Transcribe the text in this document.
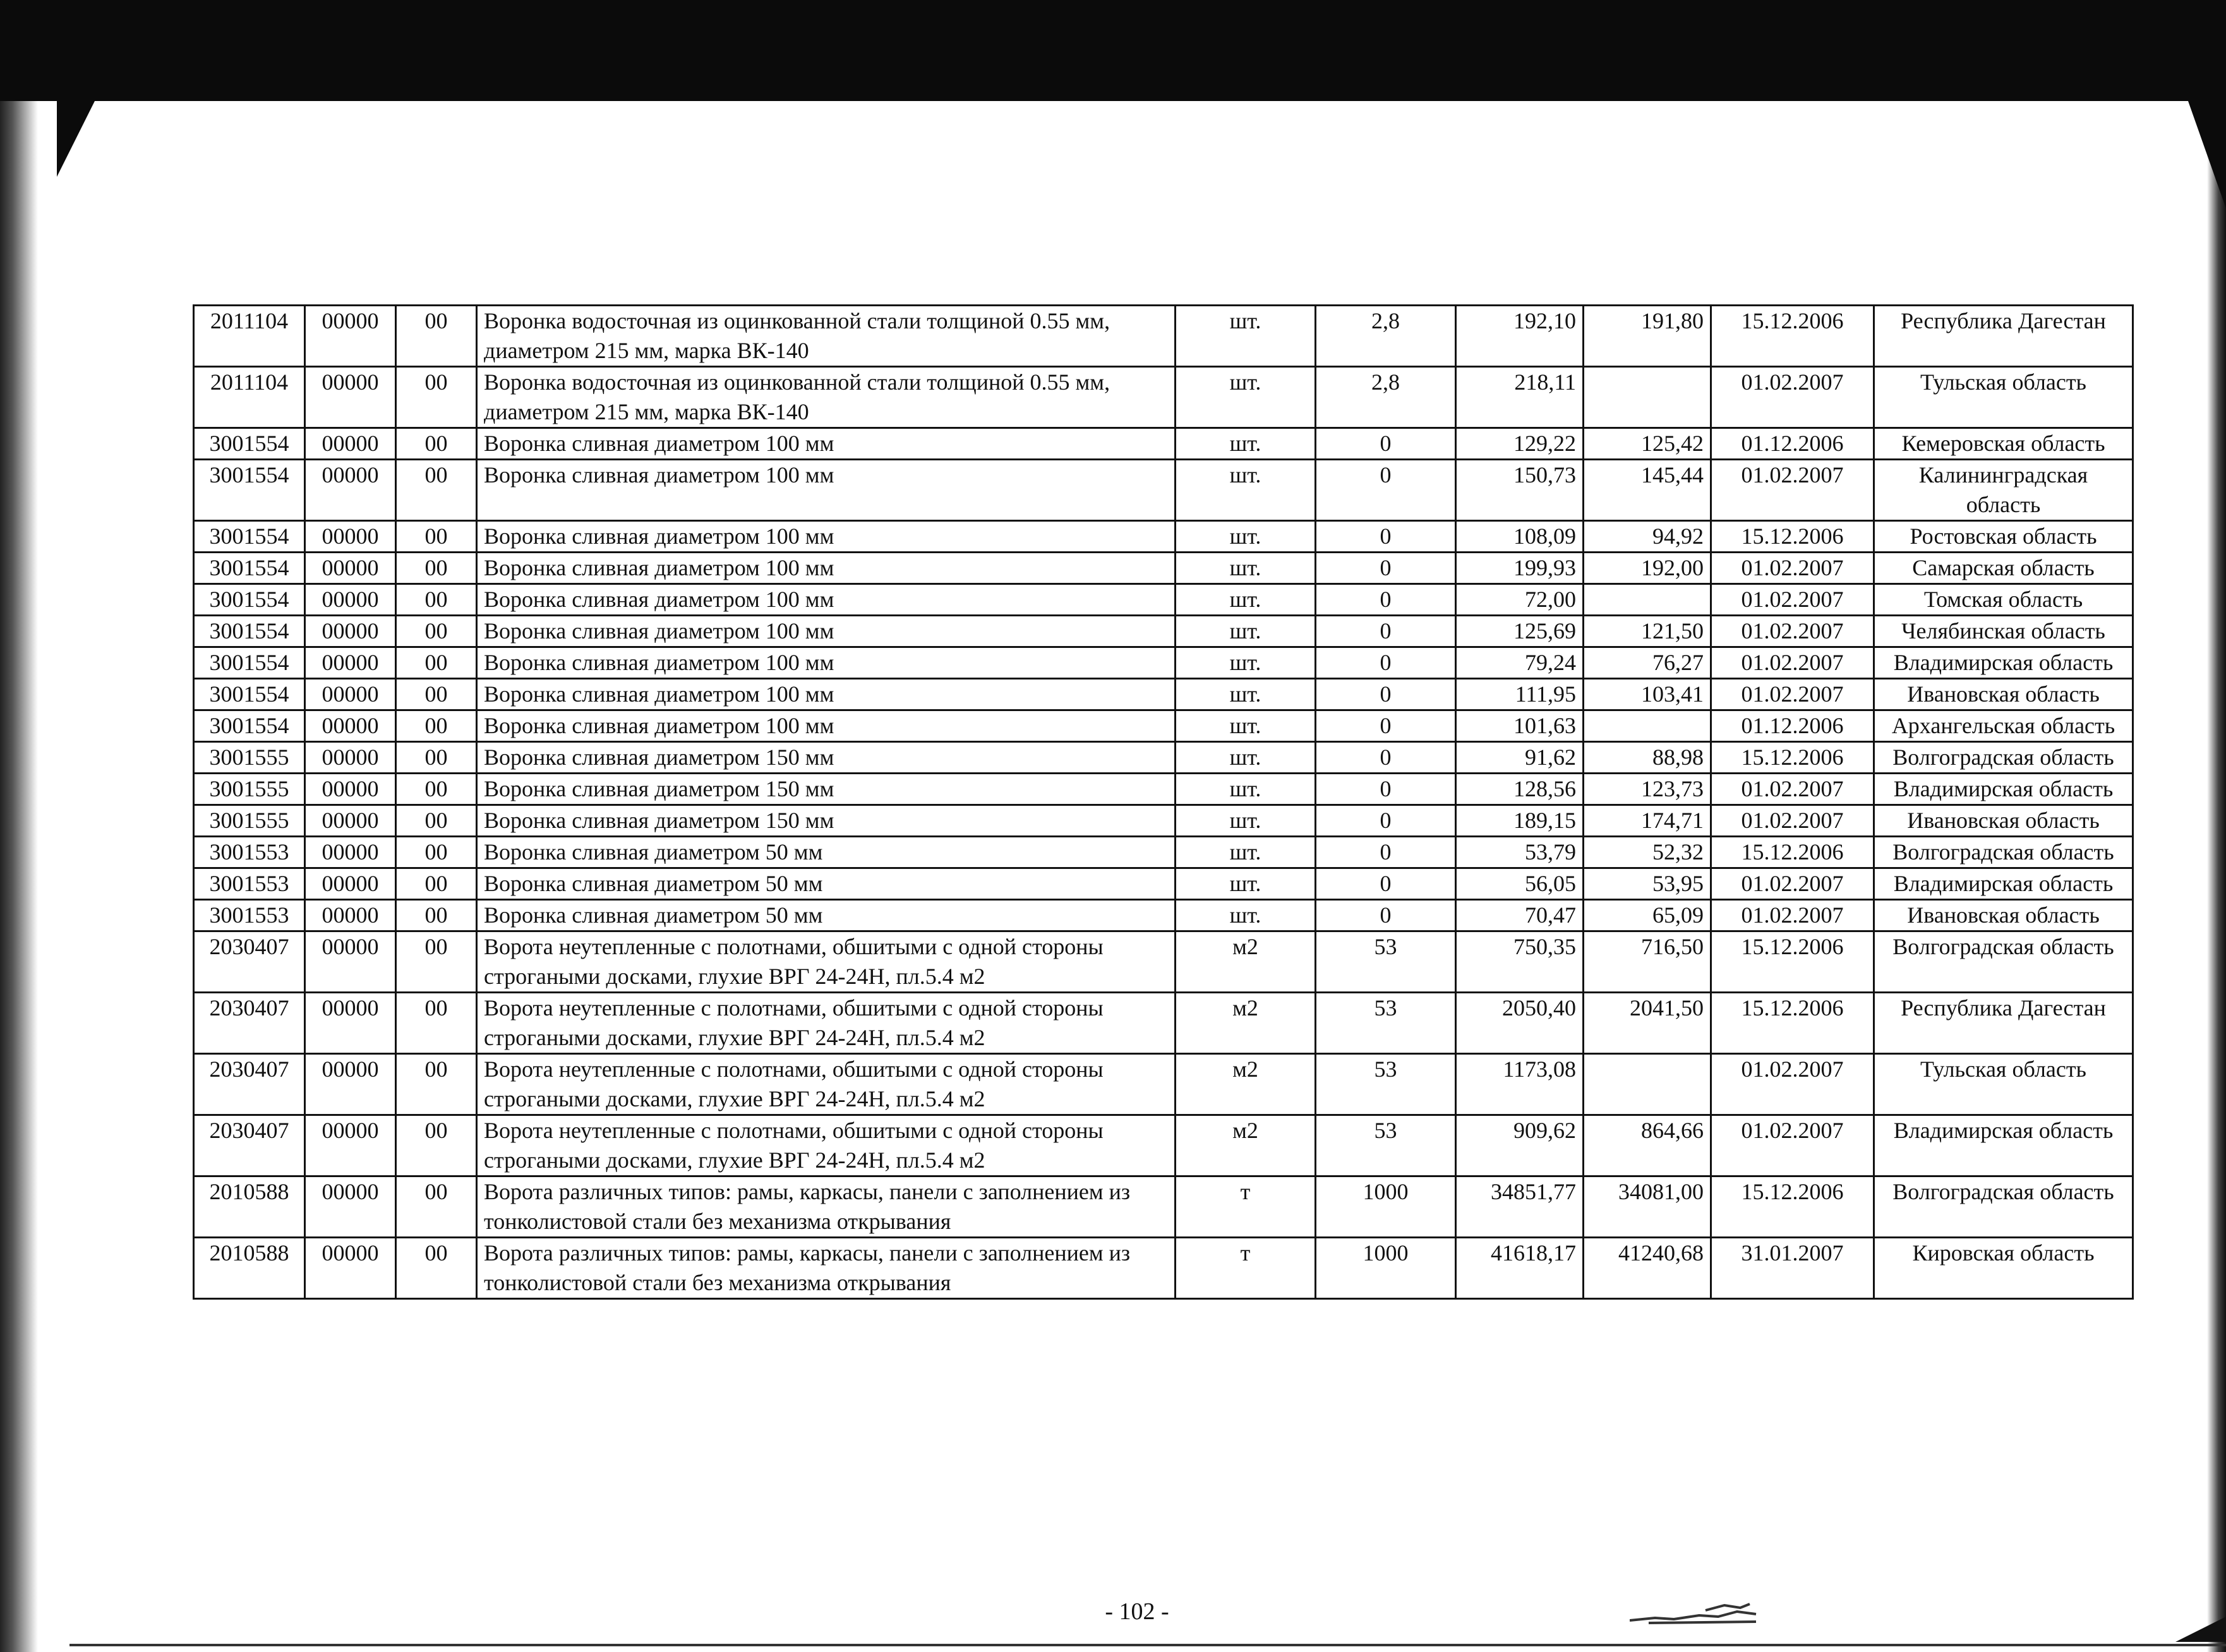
2011104	00000	00	Воронка водосточная из оцинкованной стали толщиной 0.55 мм, диаметром 215 мм, марка ВК-140	шт.	2,8	192,10	191,80	15.12.2006	Республика Дагестан
2011104	00000	00	Воронка водосточная из оцинкованной стали толщиной 0.55 мм, диаметром 215 мм, марка ВК-140	шт.	2,8	218,11		01.02.2007	Тульская область
3001554	00000	00	Воронка сливная диаметром 100 мм	шт.	0	129,22	125,42	01.12.2006	Кемеровская область
3001554	00000	00	Воронка сливная диаметром 100 мм	шт.	0	150,73	145,44	01.02.2007	Калининградская область
3001554	00000	00	Воронка сливная диаметром 100 мм	шт.	0	108,09	94,92	15.12.2006	Ростовская область
3001554	00000	00	Воронка сливная диаметром 100 мм	шт.	0	199,93	192,00	01.02.2007	Самарская область
3001554	00000	00	Воронка сливная диаметром 100 мм	шт.	0	72,00		01.02.2007	Томская область
3001554	00000	00	Воронка сливная диаметром 100 мм	шт.	0	125,69	121,50	01.02.2007	Челябинская область
3001554	00000	00	Воронка сливная диаметром 100 мм	шт.	0	79,24	76,27	01.02.2007	Владимирская область
3001554	00000	00	Воронка сливная диаметром 100 мм	шт.	0	111,95	103,41	01.02.2007	Ивановская область
3001554	00000	00	Воронка сливная диаметром 100 мм	шт.	0	101,63		01.12.2006	Архангельская область
3001555	00000	00	Воронка сливная диаметром 150 мм	шт.	0	91,62	88,98	15.12.2006	Волгоградская область
3001555	00000	00	Воронка сливная диаметром 150 мм	шт.	0	128,56	123,73	01.02.2007	Владимирская область
3001555	00000	00	Воронка сливная диаметром 150 мм	шт.	0	189,15	174,71	01.02.2007	Ивановская область
3001553	00000	00	Воронка сливная диаметром 50 мм	шт.	0	53,79	52,32	15.12.2006	Волгоградская область
3001553	00000	00	Воронка сливная диаметром 50 мм	шт.	0	56,05	53,95	01.02.2007	Владимирская область
3001553	00000	00	Воронка сливная диаметром 50 мм	шт.	0	70,47	65,09	01.02.2007	Ивановская область
2030407	00000	00	Ворота неутепленные с полотнами, обшитыми с одной стороны строгаными досками, глухие ВРГ 24-24Н, пл.5.4 м2	м2	53	750,35	716,50	15.12.2006	Волгоградская область
2030407	00000	00	Ворота неутепленные с полотнами, обшитыми с одной стороны строгаными досками, глухие ВРГ 24-24Н, пл.5.4 м2	м2	53	2050,40	2041,50	15.12.2006	Республика Дагестан
2030407	00000	00	Ворота неутепленные с полотнами, обшитыми с одной стороны строгаными досками, глухие ВРГ 24-24Н, пл.5.4 м2	м2	53	1173,08		01.02.2007	Тульская область
2030407	00000	00	Ворота неутепленные с полотнами, обшитыми с одной стороны строгаными досками, глухие ВРГ 24-24Н, пл.5.4 м2	м2	53	909,62	864,66	01.02.2007	Владимирская область
2010588	00000	00	Ворота различных типов: рамы, каркасы, панели с заполнением из тонколистовой стали без механизма открывания	т	1000	34851,77	34081,00	15.12.2006	Волгоградская область
2010588	00000	00	Ворота различных типов: рамы, каркасы, панели с заполнением из тонколистовой стали без механизма открывания	т	1000	41618,17	41240,68	31.01.2007	Кировская область
- 102 -
